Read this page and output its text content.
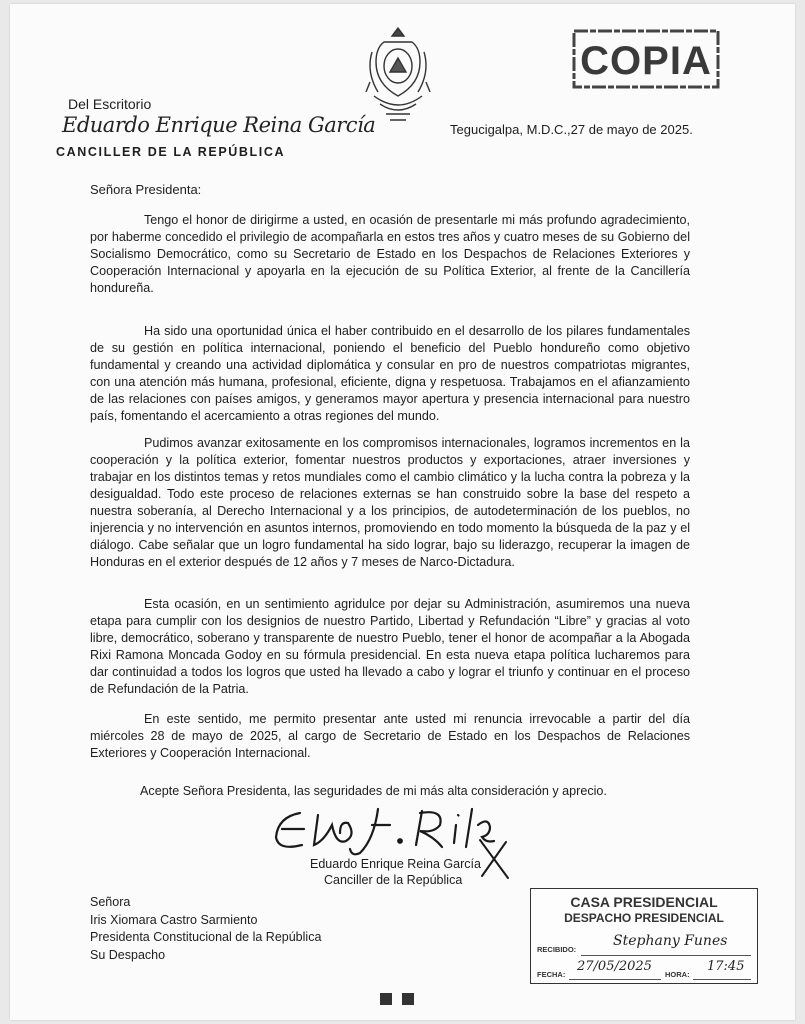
COPIA
Del Escritorio
Eduardo Enrique Reina García
CANCILLER DE LA REPÚBLICA
Tegucigalpa, M.D.C.,27 de mayo de 2025.
Señora Presidenta:

Tengo el honor de dirigirme a usted, en ocasión de presentarle mi más profundo agradecimiento, por haberme concedido el privilegio de acompañarla en estos tres años y cuatro meses de su Gobierno del Socialismo Democrático, como su Secretario de Estado en los Despachos de Relaciones Exteriores y Cooperación Internacional y apoyarla en la ejecución de su Política Exterior, al frente de la Cancillería hondureña.

Ha sido una oportunidad única el haber contribuido en el desarrollo de los pilares fundamentales de su gestión en política internacional, poniendo el beneficio del Pueblo hondureño como objetivo fundamental y creando una actividad diplomática y consular en pro de nuestros compatriotas migrantes, con una atención más humana, profesional, eficiente, digna y respetuosa. Trabajamos en el afianzamiento de las relaciones con países amigos, y generamos mayor apertura y presencia internacional para nuestro país, fomentando el acercamiento a otras regiones del mundo.

Pudimos avanzar exitosamente en los compromisos internacionales, logramos incrementos en la cooperación y la política exterior, fomentar nuestros productos y exportaciones, atraer inversiones y trabajar en los distintos temas y retos mundiales como el cambio climático y la lucha contra la pobreza y la desigualdad. Todo este proceso de relaciones externas se han construido sobre la base del respeto a nuestra soberanía, al Derecho Internacional y a los principios, de autodeterminación de los pueblos, no injerencia y no intervención en asuntos internos, promoviendo en todo momento la búsqueda de la paz y el diálogo. Cabe señalar que un logro fundamental ha sido lograr, bajo su liderazgo, recuperar la imagen de Honduras en el exterior después de 12 años y 7 meses de Narco-Dictadura.

Esta ocasión, en un sentimiento agridulce por dejar su Administración, asumiremos una nueva etapa para cumplir con los designios de nuestro Partido, Libertad y Refundación “Libre” y gracias al voto libre, democrático, soberano y transparente de nuestro Pueblo, tener el honor de acompañar a la Abogada Rixi Ramona Moncada Godoy en su fórmula presidencial. En esta nueva etapa política lucharemos para dar continuidad a todos los logros que usted ha llevado a cabo y lograr el triunfo y continuar en el proceso de Refundación de la Patria.

En este sentido, me permito presentar ante usted mi renuncia irrevocable a partir del día miércoles 28 de mayo de 2025, al cargo de Secretario de Estado en los Despachos de Relaciones Exteriores y Cooperación Internacional.

Acepte Señora Presidenta, las seguridades de mi más alta consideración y aprecio.
Eduardo Enrique Reina García
Canciller de la República
Señora
Iris Xiomara Castro Sarmiento
Presidenta Constitucional de la República
Su Despacho
CASA PRESIDENCIAL
DESPACHO PRESIDENCIAL
RECIBIDO:
Stephany Funes
FECHA:
27/05/2025
HORA:
17:45
